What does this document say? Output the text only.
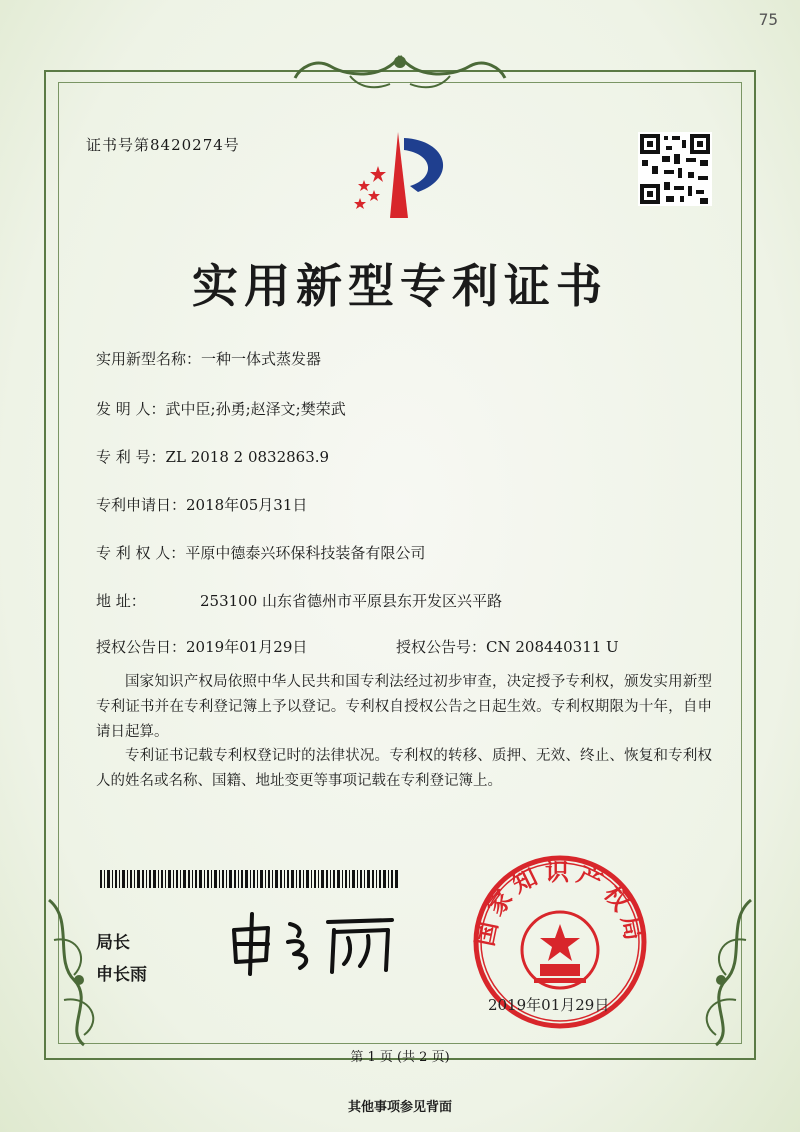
75
证书号第8420274号
实用新型专利证书
实用新型名称：一种一体式蒸发器
发 明 人：武中臣;孙勇;赵泽文;樊荣武
专 利 号：ZL 2018 2 0832863.9
专利申请日：2018年05月31日
专 利 权 人：平原中德泰兴环保科技装备有限公司
地 址：	253100 山东省德州市平原县东开发区兴平路
授权公告日：2019年01月29日	授权公告号：CN 208440311 U
国家知识产权局依照中华人民共和国专利法经过初步审查，决定授予专利权，颁发实用新型专利证书并在专利登记簿上予以登记。专利权自授权公告之日起生效。专利权期限为十年，自申请日起算。
专利证书记载专利权登记时的法律状况。专利权的转移、质押、无效、终止、恢复和专利权人的姓名或名称、国籍、地址变更等事项记载在专利登记簿上。
局长
申长雨
国家知识产权局
2019年01月29日
第 1 页 (共 2 页)
其他事项参见背面
